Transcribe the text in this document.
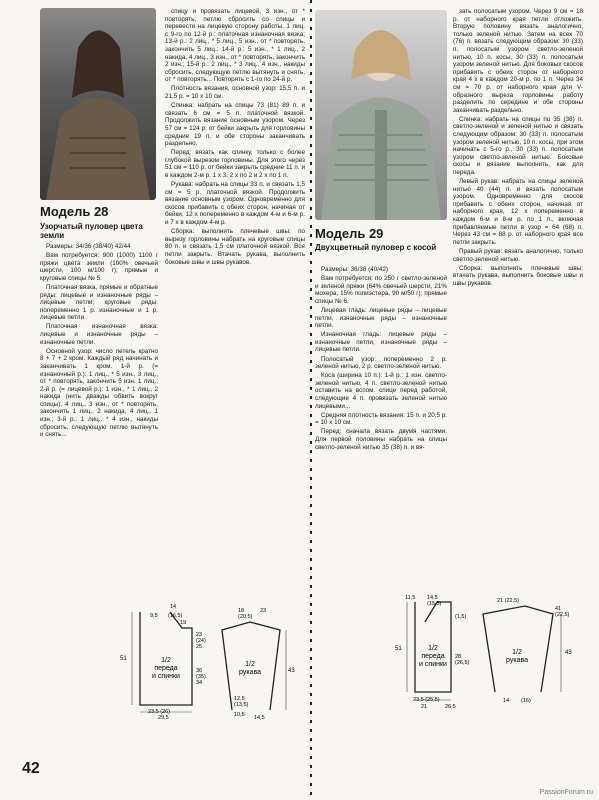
Модель 28
Узорчатый пуловер цвета земли

Размеры: 34/36 (38/40) 42/44

Вам потребуется: 900 (1000) 1100 г пряжи цвета земли (100% овечьей шерсти, 100 м/100 г); прямые и круговые спицы № 5.

Платочная вязка, прямые и обратные ряды: лицевые и изнаночные ряды – лицевые петли; круговые ряды: попеременно 1 р. изнаночные и 1 р. лицевые петли.

Платочная изнаночная вязка: лицевые и изнаночные ряды – изнаночные петли.

Основной узор: число петель кратно 8 + 7 + 2 кром. Каждый ряд начинать и заканчивать 1 кром. 1-й р. (= изнаночный р.): 1 лиц., * 5 изн., 3 лиц., от * повторять, закончить 5 изн. 1 лиц.; 2-й р. (= лицевой р.): 1 изн., * 1 лиц., 2 накида (нить дважды обвить вокруг спицы), 4 лиц., 3 изн., от * повторять, закончить 1 лиц., 2 накида, 4 лиц., 1 изн.; 3-й р.: 1 лиц., * 4 изн., накиды сбросить, следующую петлю вытянуть и снять...

спицу и провязать лицевой, 3 изн., от * повторять, петлю сбросить со спицы и перевести на лицевую сторону работы, 1 лиц. с 9-го по 12-й р.: платочная изнаночная вязка; 13-й р.: 2 лиц., * 5 лиц., 5 изн., от * повторять, закончить 5 лиц.; 14-й р.: 5 изн., * 1 лиц., 2 накида, 4 лиц., 3 изн., от * повторять, закончить 2 изн.; 15-й р.: 2 лиц., * 3 лиц., 4 изн., накиды сбросить, следующую петлю вытянуть и снять, от * повторять... Повторять с 1-го по 24-й р.

Плотность вязания, основной узор: 15,5 п. и 21,5 р. = 10 х 10 см.

Спинка: набрать на спицы 73 (81) 89 п. и связать 6 см = 5 п. платочной вязкой. Продолжить вязание основным узором. Через 57 см = 124 р. от бейки закрыть для горловины средние 19 п. и обе стороны заканчивать раздельно.

Перед: вязать как спинку, только с более глубокой вырезом горловины. Для этого через 51 см = 110 р. от бейки закрыть средние 11 п. и в каждом 2-м р. 1 х 3, 2 х по 2 и 2 х по 1 п.

Рукава: набрать на спицы 33 п. и связать 1,5 см = 5 р. платочной вязкой. Продолжить вязание основным узором. Одновременно для скосов прибавить с обеих сторон, начиная от бейки, 12 х попеременно в каждом 4-м и 6-м р. и 7 х в каждом 4-м р.

Сборка: выполнить плечевые швы; по вырезу горловины набрать на круговые спицы 80 п. и связать 1,5 см платочной вязкой. Все петли закрыть. Втачать рукава, выполнить боковые швы и швы рукавов.

Модель 29
Двухцветный пуловер с косой

Размеры: 36/38 (40/42)

Вам потребуется: по 250 г светло-зеленой и зеленой пряжи (64% овечьей шерсти, 21% мохера, 15% полиэстера, 90 м/50 г); прямые спицы № 6.

Лицевая гладь: лицевые ряды – лицевые петли, изнаночные ряды – изнаночные петли.

Изнаночная гладь: лицевые ряды – изнаночные петли, изнаночные ряды – лицевые петли.

Полосатый узор: попеременно 2 р. зеленой нитью, 2 р. светло-зеленой нитью.

Коса (ширина 10 п.): 1-й р.: 1 изн. светло-зеленой нитью, 4 п. светло-зеленой нитью оставить на вспом. спице перед работой, следующие 4 п. провязать зеленой нитью лицевыми...

Средняя плотность вязания: 15 п. и 20,5 р. = 10 х 10 см.

Перед: сначала вязать двумя частями. Для первой половины набрать на спицы светло-зеленой нитью 35 (38) п. и вя-

зать полосатым узором. Через 9 см = 18 р. от наборного края петли отложить. Вторую половину вязать аналогично, только зеленой нитью. Затем на всех 70 (76) п. вязать следующим образом: 30 (33) п. полосатым узором светло-зеленой нитью, 10 п. косы, 30 (33) п. полосатым узором зеленой нитью. Для боковых скосов прибавить с обеих сторон от наборного края 4 х в каждом 20-м р. по 1 п. Через 34 см = 70 р. от наборного края для V-образного выреза горловины работу разделить по середине и обе стороны заканчивать раздельно.

Спинка: набрать на спицы по 35 (38) п. светло-зеленой и зеленой нитью и связать следующим образом: 30 (33) п. полосатым узором зеленой нитью, 10 п. косы, при этом начинать с 5-го р., 30 (33) п. полосатым узором светло-зеленой нитью. Боковые скосы и вязание выполнить, как для переда.

Левый рукав: набрать на спицы зеленой нитью 40 (44) п. и вязать полосатым узором. Одновременно для скосов прибавить с обеих сторон, начиная от наборного края, 12 х попеременно в каждом 6-м и 8-м р. по 1 п., включая прибавляемые петли в узор = 64 (68) п. Через 43 см = 88 р. от наборного края все петли закрыть.

Правый рукав: вязать аналогично, только светло-зеленой нитью.

Сборка: выполнить плечевые швы; втачать рукава, выполнить боковые швы и швы рукавов.

1/2 переда и спинки
1/2 рукава
14
9,5 (16,5)
19
23
(24)
25
51
36
(35)
34
23,5 (26)
29,5
18
(20,5)
23
12,5
(13,5)
10,5 14,5
43
1/2 переда и спинки
1/2 рукава
11,5 14,5
(15,5)
51
(1,5)
28
(26,5)
23,5 (25,5)
21	26,5
21 (22,5)
41
(22,5)
43
14 (16)
42
PassionForum.ru
